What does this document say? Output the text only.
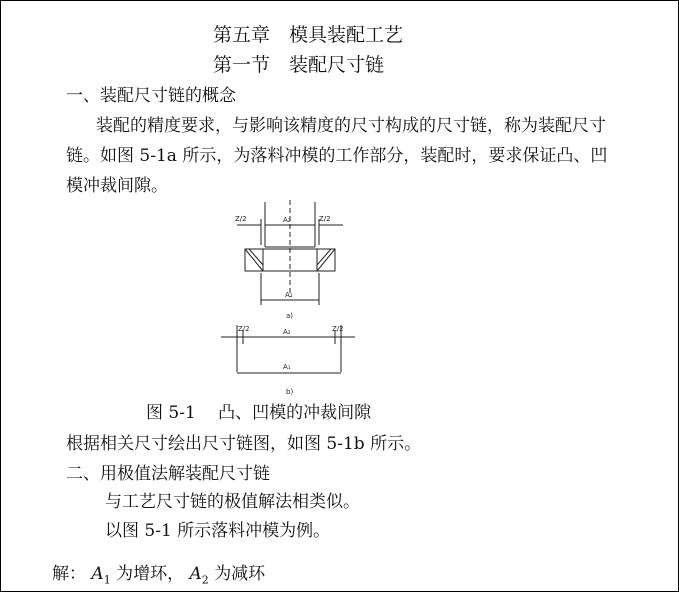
第五章　模具装配工艺
第一节　装配尺寸链
一、装配尺寸链的概念
装配的精度要求，与影响该精度的尺寸构成的尺寸链，称为装配尺寸
链。如图 5-1a 所示，为落料冲模的工作部分，装配时，要求保证凸、凹
模冲裁间隙。
Z/2	Z/2
A₂
A₁
a)
Z/2	Z/2
A₂
A₁
b)
图 5-1　 凸、凹模的冲裁间隙
根据相关尺寸绘出尺寸链图，如图 5-1b 所示。
二、用极值法解装配尺寸链
与工艺尺寸链的极值解法相类似。
以图 5-1 所示落料冲模为例。
解： $A_1$ 为增环， $A_2$ 为减环
